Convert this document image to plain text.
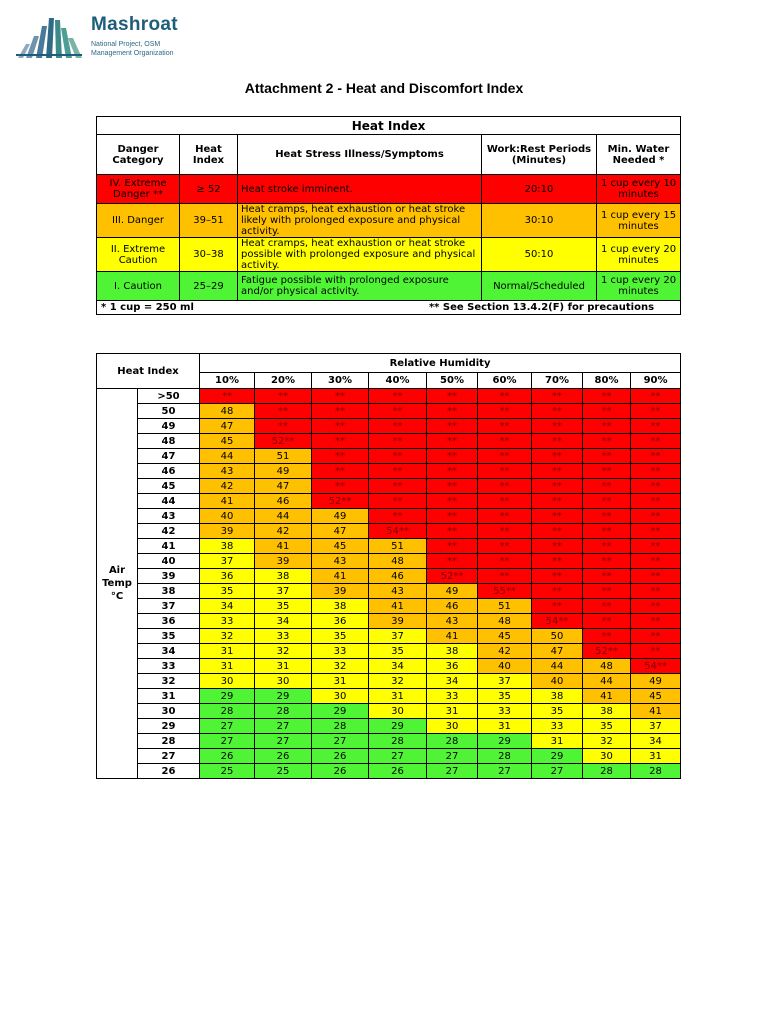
Mashroat
National Project, OSM
Management Organization
Attachment 2 - Heat and Discomfort Index
Heat Index				
Danger Category	Heat Index	Heat Stress Illness/Symptoms	Work:Rest Periods (Minutes)	Min. Water Needed *
IV. Extreme Danger **	≥ 52	Heat stroke imminent.	20:10	1 cup every 10 minutes
III. Danger	39–51	Heat cramps, heat exhaustion or heat stroke likely with prolonged exposure and physical activity.	30:10	1 cup every 15 minutes
II. Extreme Caution	30–38	Heat cramps, heat exhaustion or heat stroke possible with prolonged exposure and physical activity.	50:10	1 cup every 20 minutes
I. Caution	25–29	Fatigue possible with prolonged exposure and/or physical activity.	Normal/Scheduled	1 cup every 20 minutes
* 1 cup = 250 ml ** See Section 13.4.2(F) for precautions				
Heat Index		Relative Humidity								
		10%	20%	30%	40%	50%	60%	70%	80%	90%

Air
Temp
°C	>50	**	**	**	**	**	**	**	**	**
	50	48	**	**	**	**	**	**	**	**
	49	47	**	**	**	**	**	**	**	**
	48	45	52**	**	**	**	**	**	**	**
	47	44	51	**	**	**	**	**	**	**
	46	43	49	**	**	**	**	**	**	**
	45	42	47	**	**	**	**	**	**	**
	44	41	46	52**	**	**	**	**	**	**
	43	40	44	49	**	**	**	**	**	**
	42	39	42	47	54**	**	**	**	**	**
	41	38	41	45	51	**	**	**	**	**
	40	37	39	43	48	**	**	**	**	**
	39	36	38	41	46	52**	**	**	**	**
	38	35	37	39	43	49	55**	**	**	**
	37	34	35	38	41	46	51	**	**	**
	36	33	34	36	39	43	48	54**	**	**
	35	32	33	35	37	41	45	50	**	**
	34	31	32	33	35	38	42	47	52**	**
	33	31	31	32	34	36	40	44	48	54**
	32	30	30	31	32	34	37	40	44	49
	31	29	29	30	31	33	35	38	41	45
	30	28	28	29	30	31	33	35	38	41
	29	27	27	28	29	30	31	33	35	37
	28	27	27	27	28	28	29	31	32	34
	27	26	26	26	27	27	28	29	30	31
	26	25	25	26	26	27	27	27	28	28
